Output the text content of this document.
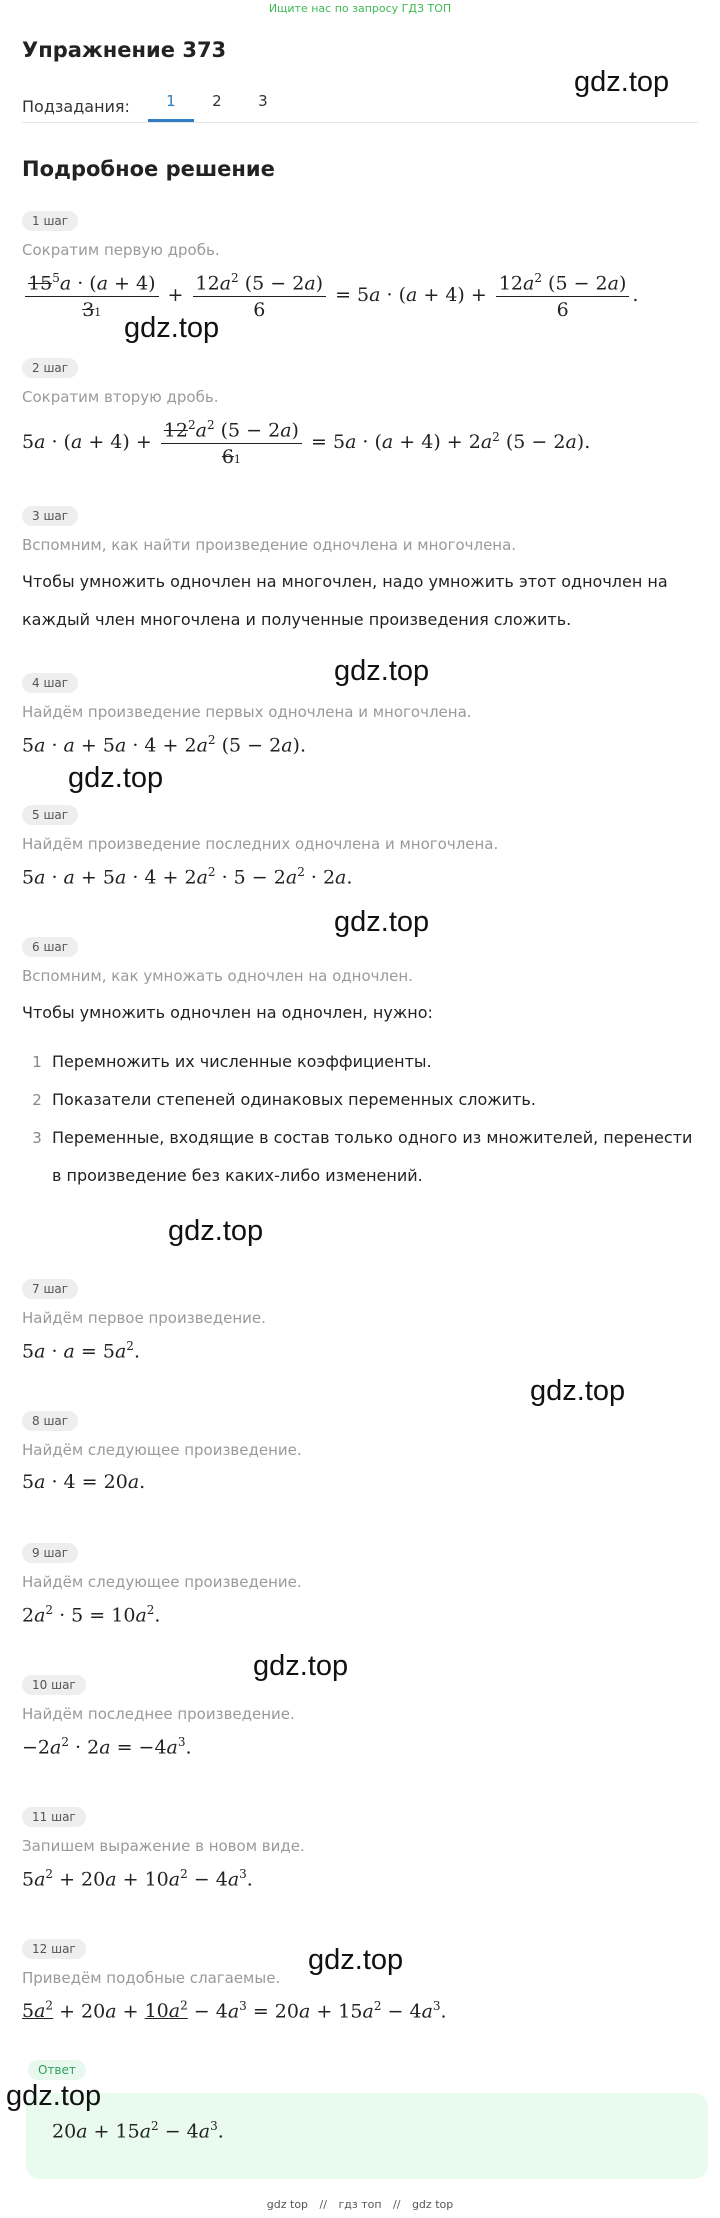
Ищите нас по запросу ГДЗ ТОП
Упражнение 373
Подзадания:	1	2	3
Подробное решение
1 шаг
Сократим первую дробь.
$\frac{15^5a \cdot (a + 4)}{31} + \frac{12a^2 (5 - 2a)}{6} = 5a \cdot (a + 4) + \frac{12a^2 (5 - 2a)}{6}$ .
2 шаг
Сократим вторую дробь.
$5a \cdot (a + 4) + \frac{12^2a^2 (5 - 2a)}{61} = 5a \cdot (a + 4) + 2a^2$ (5 − 2a).
3 шаг
Вспомним, как найти произведение одночлена и многочлена.
Чтобы умножить одночлен на многочлен, надо умножить этот одночлен на
каждый член многочлена и полученные произведения сложить.
4 шаг
Найдём произведение первых одночлена и многочлена.
$5a \cdot a + 5a \cdot 4 + 2a^2$ (5 − 2a).
5 шаг
Найдём произведение последних одночлена и многочлена.
$5a \cdot a + 5a \cdot 4 + 2a^2 \cdot 5 - 2a^2 \cdot 2a$.
6 шаг
Вспомним, как умножать одночлен на одночлен.
Чтобы умножить одночлен на одночлен, нужно:
1 Перемножить их численные коэффициенты.
2 Показатели степеней одинаковых переменных сложить.
3 Переменные, входящие в состав только одного из множителей, перенести
в произведение без каких-либо изменений.
7 шаг
Найдём первое произведение.
$5a \cdot a = 5a^2$.
8 шаг
Найдём следующее произведение.
5a · 4 = 20a.
9 шаг
Найдём следующее произведение.
$2a^2 \cdot 5 = 10a^2$.
10 шаг
Найдём последнее произведение.
$-2a^2 \cdot 2a = -4a^3$.
11 шаг
Запишем выражение в новом виде.
$5a^2 + 20a + 10a^2 - 4a^3$.
12 шаг
Приведём подобные слагаемые.
$5a^2 + 20a + 10a^2 - 4a^3 = 20a + 15a^2 - 4a^3$.
Ответ
$20a + 15a^2 - 4a^3$.
gdz.top
gdz.top
gdz.top
gdz.top
gdz.top
gdz.top
gdz.top
gdz.top
gdz.top
gdz.top
gdz top // гдз топ // gdz top
